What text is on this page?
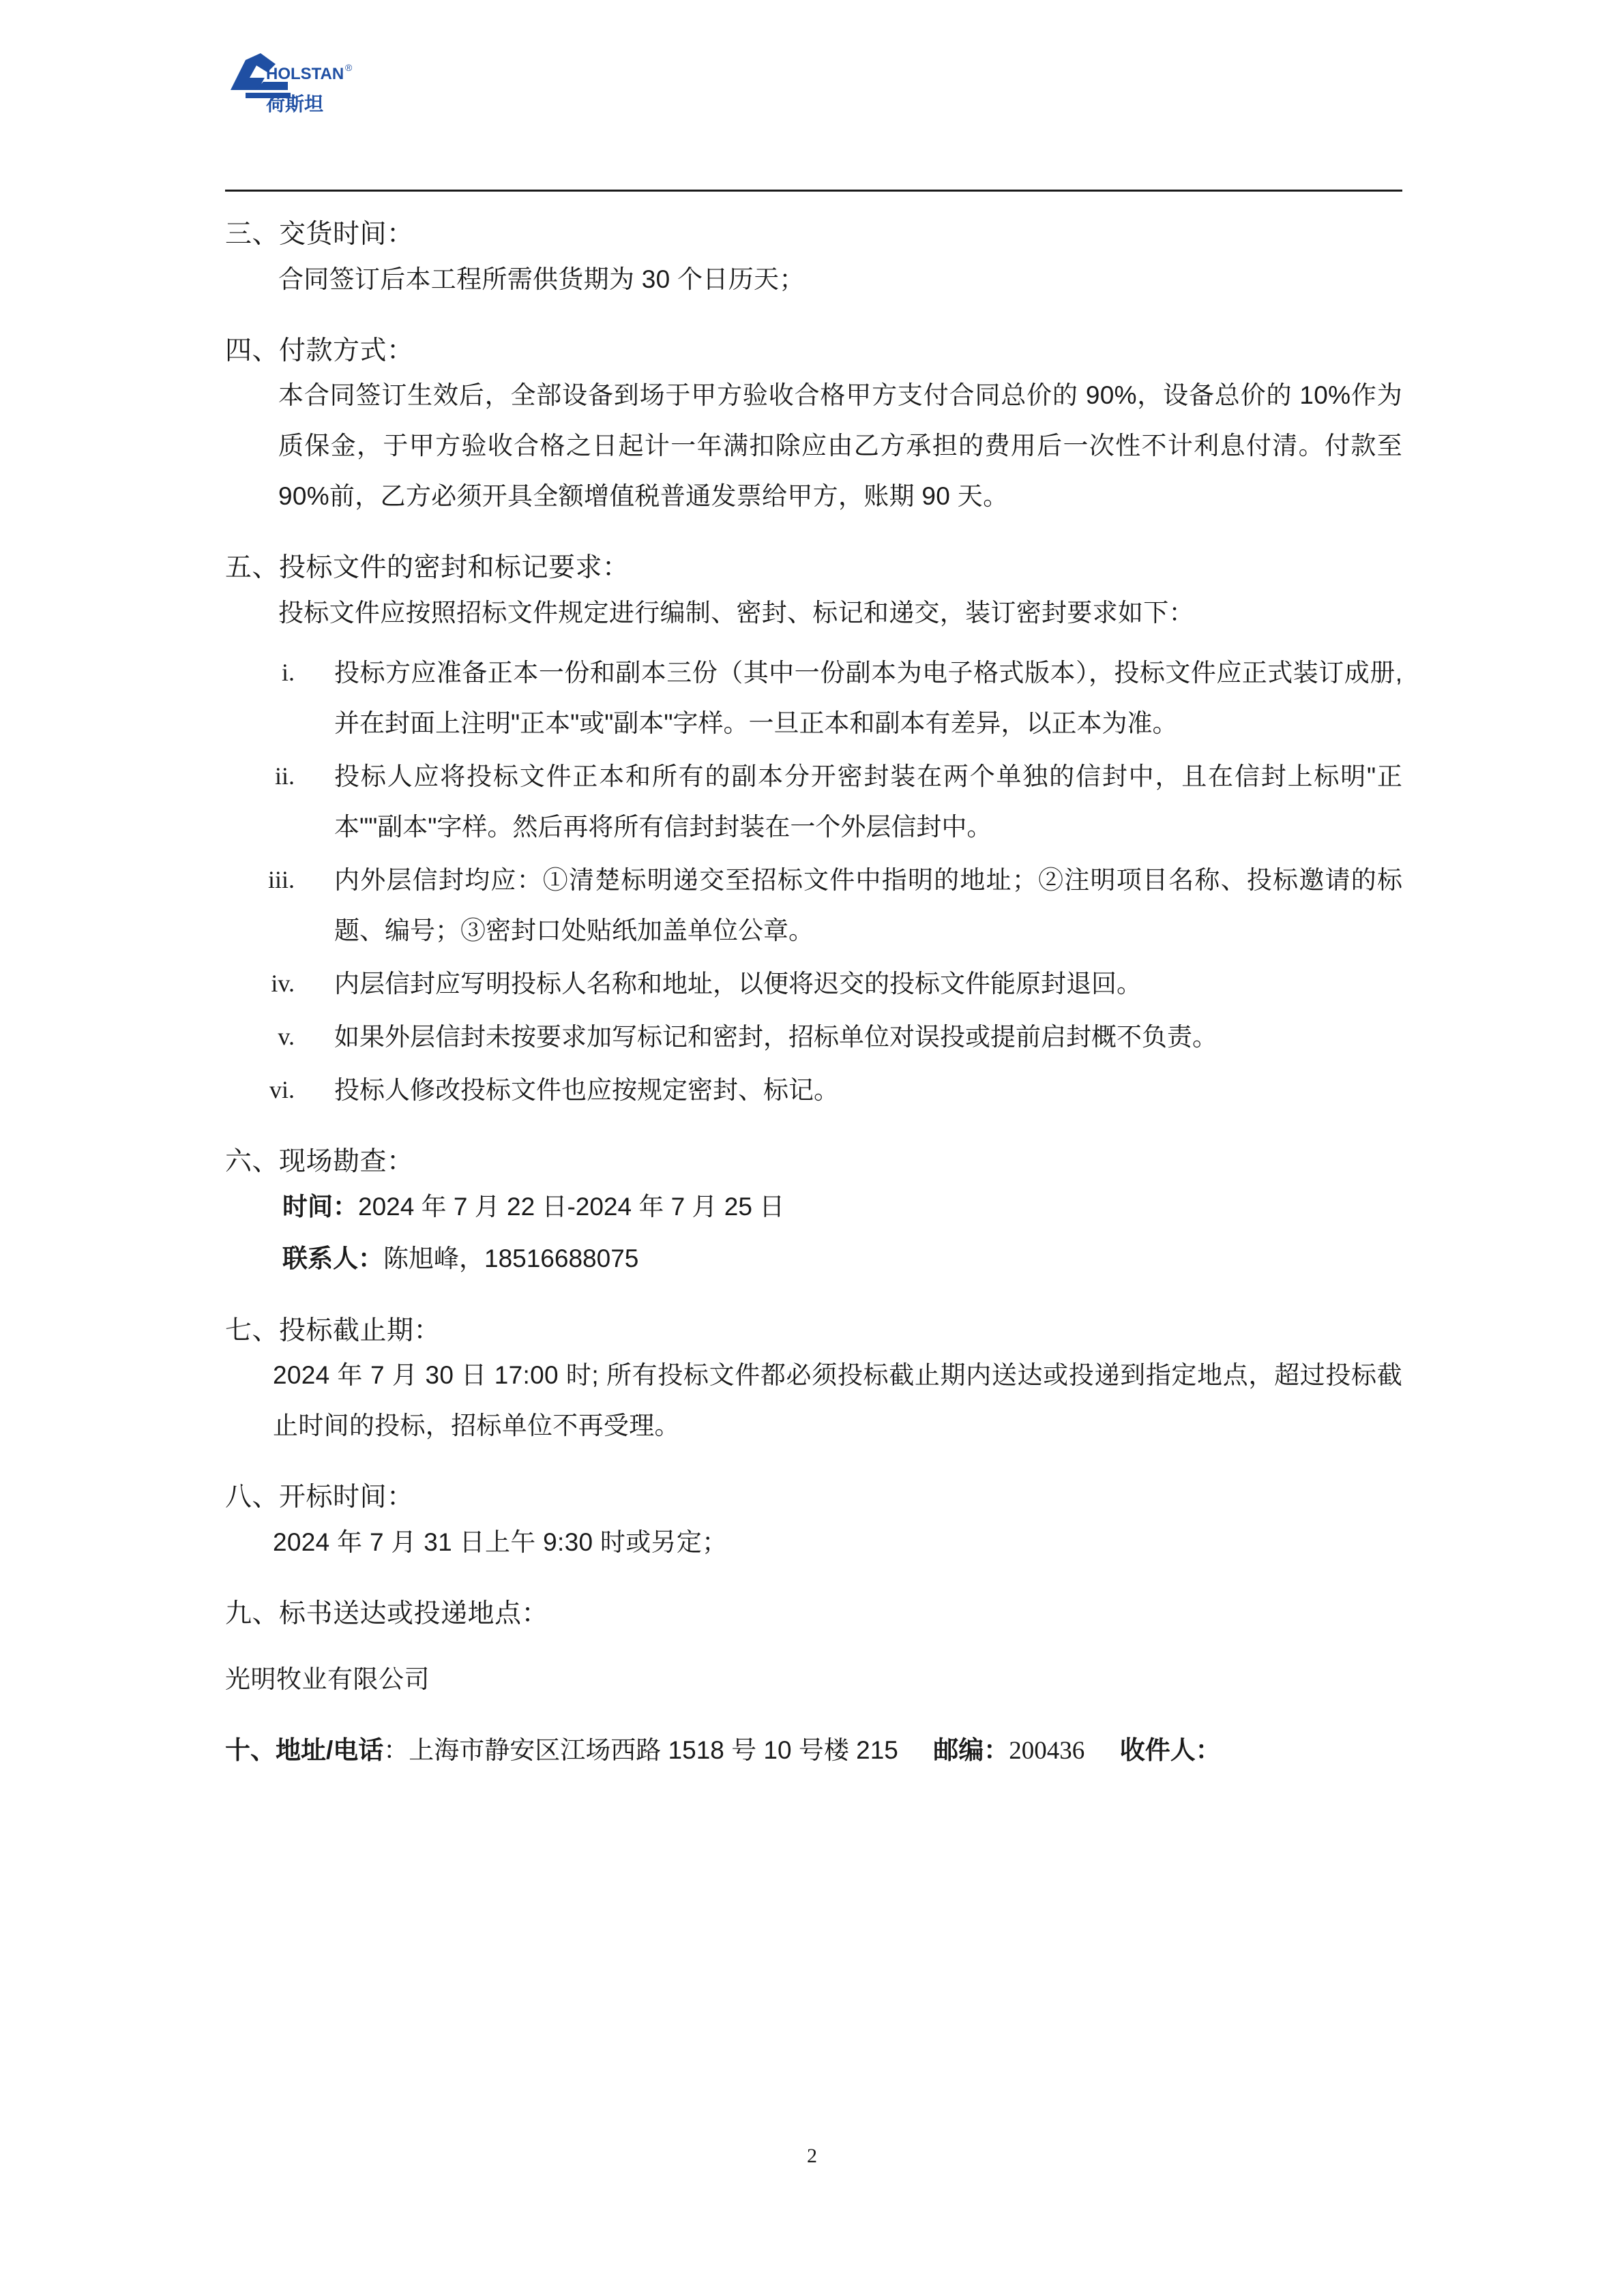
HOLSTAN
荷斯坦
®
三、交货时间：
合同签订后本工程所需供货期为 30 个日历天；
四、付款方式：
本合同签订生效后，全部设备到场于甲方验收合格甲方支付合同总价的 90%，设备总价的 10%作为质保金，于甲方验收合格之日起计一年满扣除应由乙方承担的费用后一次性不计利息付清。付款至 90%前，乙方必须开具全额增值税普通发票给甲方，账期 90 天。
五、投标文件的密封和标记要求：
投标文件应按照招标文件规定进行编制、密封、标记和递交，装订密封要求如下：
i.	投标方应准备正本一份和副本三份（其中一份副本为电子格式版本），投标文件应正式装订成册,并在封面上注明"正本"或"副本"字样。一旦正本和副本有差异，以正本为准。
ii.	投标人应将投标文件正本和所有的副本分开密封装在两个单独的信封中，且在信封上标明"正本""副本"字样。然后再将所有信封封装在一个外层信封中。
iii.	内外层信封均应：①清楚标明递交至招标文件中指明的地址；②注明项目名称、投标邀请的标题、编号；③密封口处贴纸加盖单位公章。
iv.	内层信封应写明投标人名称和地址，以便将迟交的投标文件能原封退回。
v.	如果外层信封未按要求加写标记和密封，招标单位对误投或提前启封概不负责。
vi.	投标人修改投标文件也应按规定密封、标记。
六、现场勘查：
时间：2024 年 7 月 22 日-2024 年 7 月 25 日
联系人：陈旭峰，18516688075
七、投标截止期：
2024 年 7 月 30 日 17:00 时; 所有投标文件都必须投标截止期内送达或投递到指定地点，超过投标截止时间的投标，招标单位不再受理。
八、开标时间：
2024 年 7 月 31 日上午 9:30 时或另定；
九、标书送达或投递地点：
光明牧业有限公司
十、地址/电话：上海市静安区江场西路 1518 号 10 号楼 215 邮编：200436 收件人：
2
